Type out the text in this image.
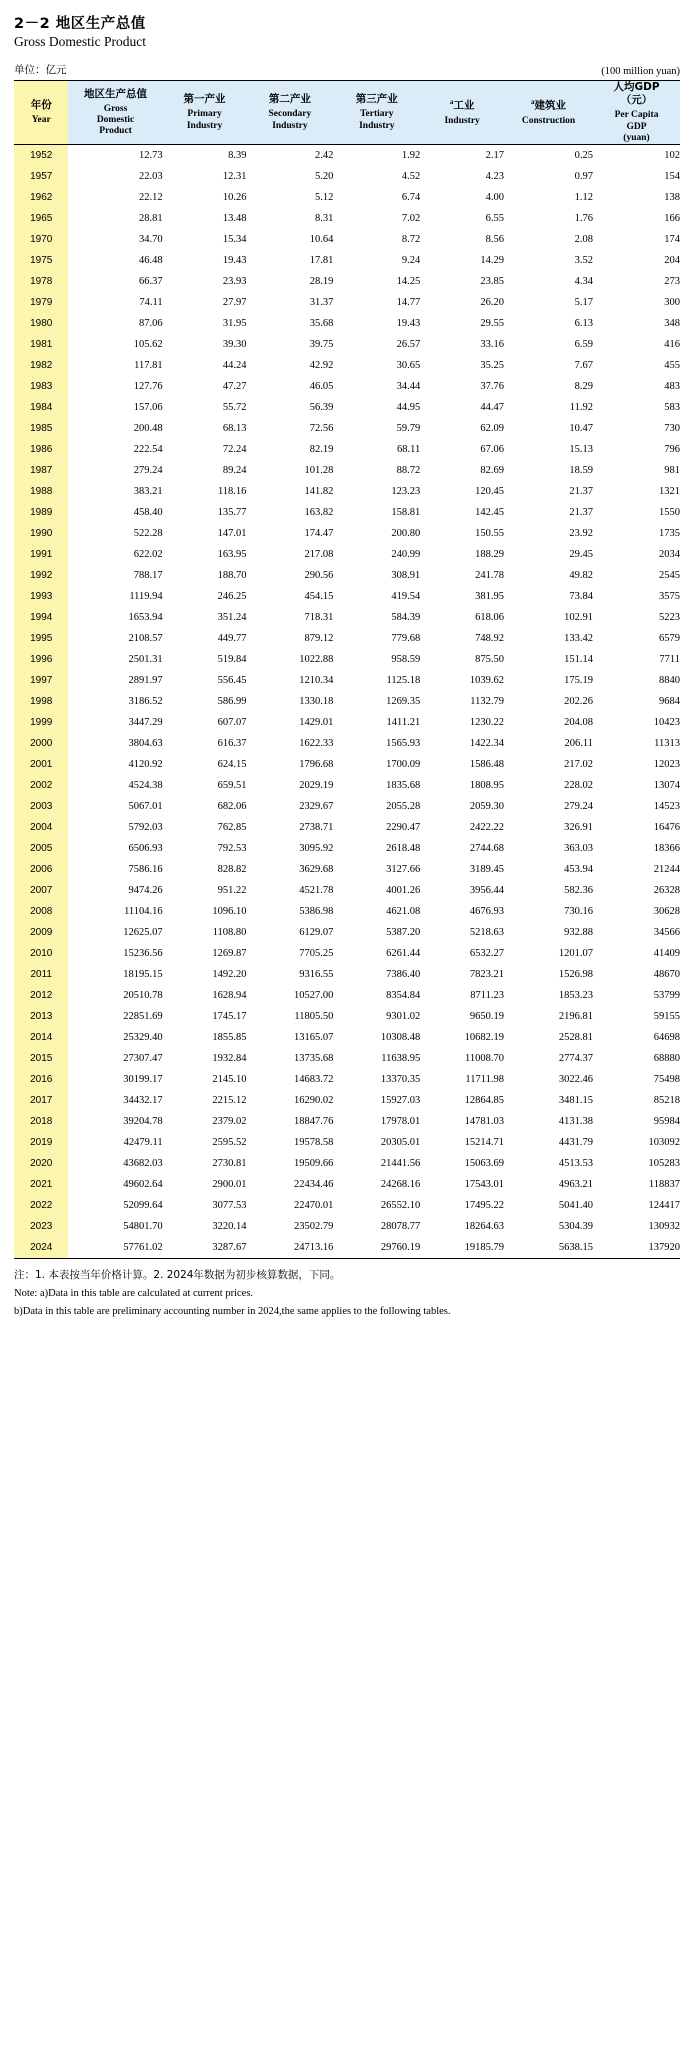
2－2 地区生产总值
Gross Domestic Product
单位：亿元	(100 million yuan)
年份
Year	地区生产总值
Gross
Domestic
Product	第一产业
Primary
Industry	第二产业
Secondary
Industry	第三产业
Tertiary
Industry	$^a$工业
Industry	$^a$建筑业
Construction	人均GDP
（元）
Per Capita
GDP
(yuan)

1952	12.73	8.39	2.42	1.92	2.17	0.25	102
1957	22.03	12.31	5.20	4.52	4.23	0.97	154
1962	22.12	10.26	5.12	6.74	4.00	1.12	138
1965	28.81	13.48	8.31	7.02	6.55	1.76	166
1970	34.70	15.34	10.64	8.72	8.56	2.08	174
1975	46.48	19.43	17.81	9.24	14.29	3.52	204
1978	66.37	23.93	28.19	14.25	23.85	4.34	273
1979	74.11	27.97	31.37	14.77	26.20	5.17	300
1980	87.06	31.95	35.68	19.43	29.55	6.13	348
1981	105.62	39.30	39.75	26.57	33.16	6.59	416
1982	117.81	44.24	42.92	30.65	35.25	7.67	455
1983	127.76	47.27	46.05	34.44	37.76	8.29	483
1984	157.06	55.72	56.39	44.95	44.47	11.92	583
1985	200.48	68.13	72.56	59.79	62.09	10.47	730
1986	222.54	72.24	82.19	68.11	67.06	15.13	796
1987	279.24	89.24	101.28	88.72	82.69	18.59	981
1988	383.21	118.16	141.82	123.23	120.45	21.37	1321
1989	458.40	135.77	163.82	158.81	142.45	21.37	1550
1990	522.28	147.01	174.47	200.80	150.55	23.92	1735
1991	622.02	163.95	217.08	240.99	188.29	29.45	2034
1992	788.17	188.70	290.56	308.91	241.78	49.82	2545
1993	1119.94	246.25	454.15	419.54	381.95	73.84	3575
1994	1653.94	351.24	718.31	584.39	618.06	102.91	5223
1995	2108.57	449.77	879.12	779.68	748.92	133.42	6579
1996	2501.31	519.84	1022.88	958.59	875.50	151.14	7711
1997	2891.97	556.45	1210.34	1125.18	1039.62	175.19	8840
1998	3186.52	586.99	1330.18	1269.35	1132.79	202.26	9684
1999	3447.29	607.07	1429.01	1411.21	1230.22	204.08	10423
2000	3804.63	616.37	1622.33	1565.93	1422.34	206.11	11313
2001	4120.92	624.15	1796.68	1700.09	1586.48	217.02	12023
2002	4524.38	659.51	2029.19	1835.68	1808.95	228.02	13074
2003	5067.01	682.06	2329.67	2055.28	2059.30	279.24	14523
2004	5792.03	762.85	2738.71	2290.47	2422.22	326.91	16476
2005	6506.93	792.53	3095.92	2618.48	2744.68	363.03	18366
2006	7586.16	828.82	3629.68	3127.66	3189.45	453.94	21244
2007	9474.26	951.22	4521.78	4001.26	3956.44	582.36	26328
2008	11104.16	1096.10	5386.98	4621.08	4676.93	730.16	30628
2009	12625.07	1108.80	6129.07	5387.20	5218.63	932.88	34566
2010	15236.56	1269.87	7705.25	6261.44	6532.27	1201.07	41409
2011	18195.15	1492.20	9316.55	7386.40	7823.21	1526.98	48670
2012	20510.78	1628.94	10527.00	8354.84	8711.23	1853.23	53799
2013	22851.69	1745.17	11805.50	9301.02	9650.19	2196.81	59155
2014	25329.40	1855.85	13165.07	10308.48	10682.19	2528.81	64698
2015	27307.47	1932.84	13735.68	11638.95	11008.70	2774.37	68880
2016	30199.17	2145.10	14683.72	13370.35	11711.98	3022.46	75498
2017	34432.17	2215.12	16290.02	15927.03	12864.85	3481.15	85218
2018	39204.78	2379.02	18847.76	17978.01	14781.03	4131.38	95984
2019	42479.11	2595.52	19578.58	20305.01	15214.71	4431.79	103092
2020	43682.03	2730.81	19509.66	21441.56	15063.69	4513.53	105283
2021	49602.64	2900.01	22434.46	24268.16	17543.01	4963.21	118837
2022	52099.64	3077.53	22470.01	26552.10	17495.22	5041.40	124417
2023	54801.70	3220.14	23502.79	28078.77	18264.63	5304.39	130932
2024	57761.02	3287.67	24713.16	29760.19	19185.79	5638.15	137920
注：1. 本表按当年价格计算。2. 2024年数据为初步核算数据，下同。
Note: a)Data in this table are calculated at current prices.
b)Data in this table are preliminary accounting number in 2024,the same applies to the following tables.
